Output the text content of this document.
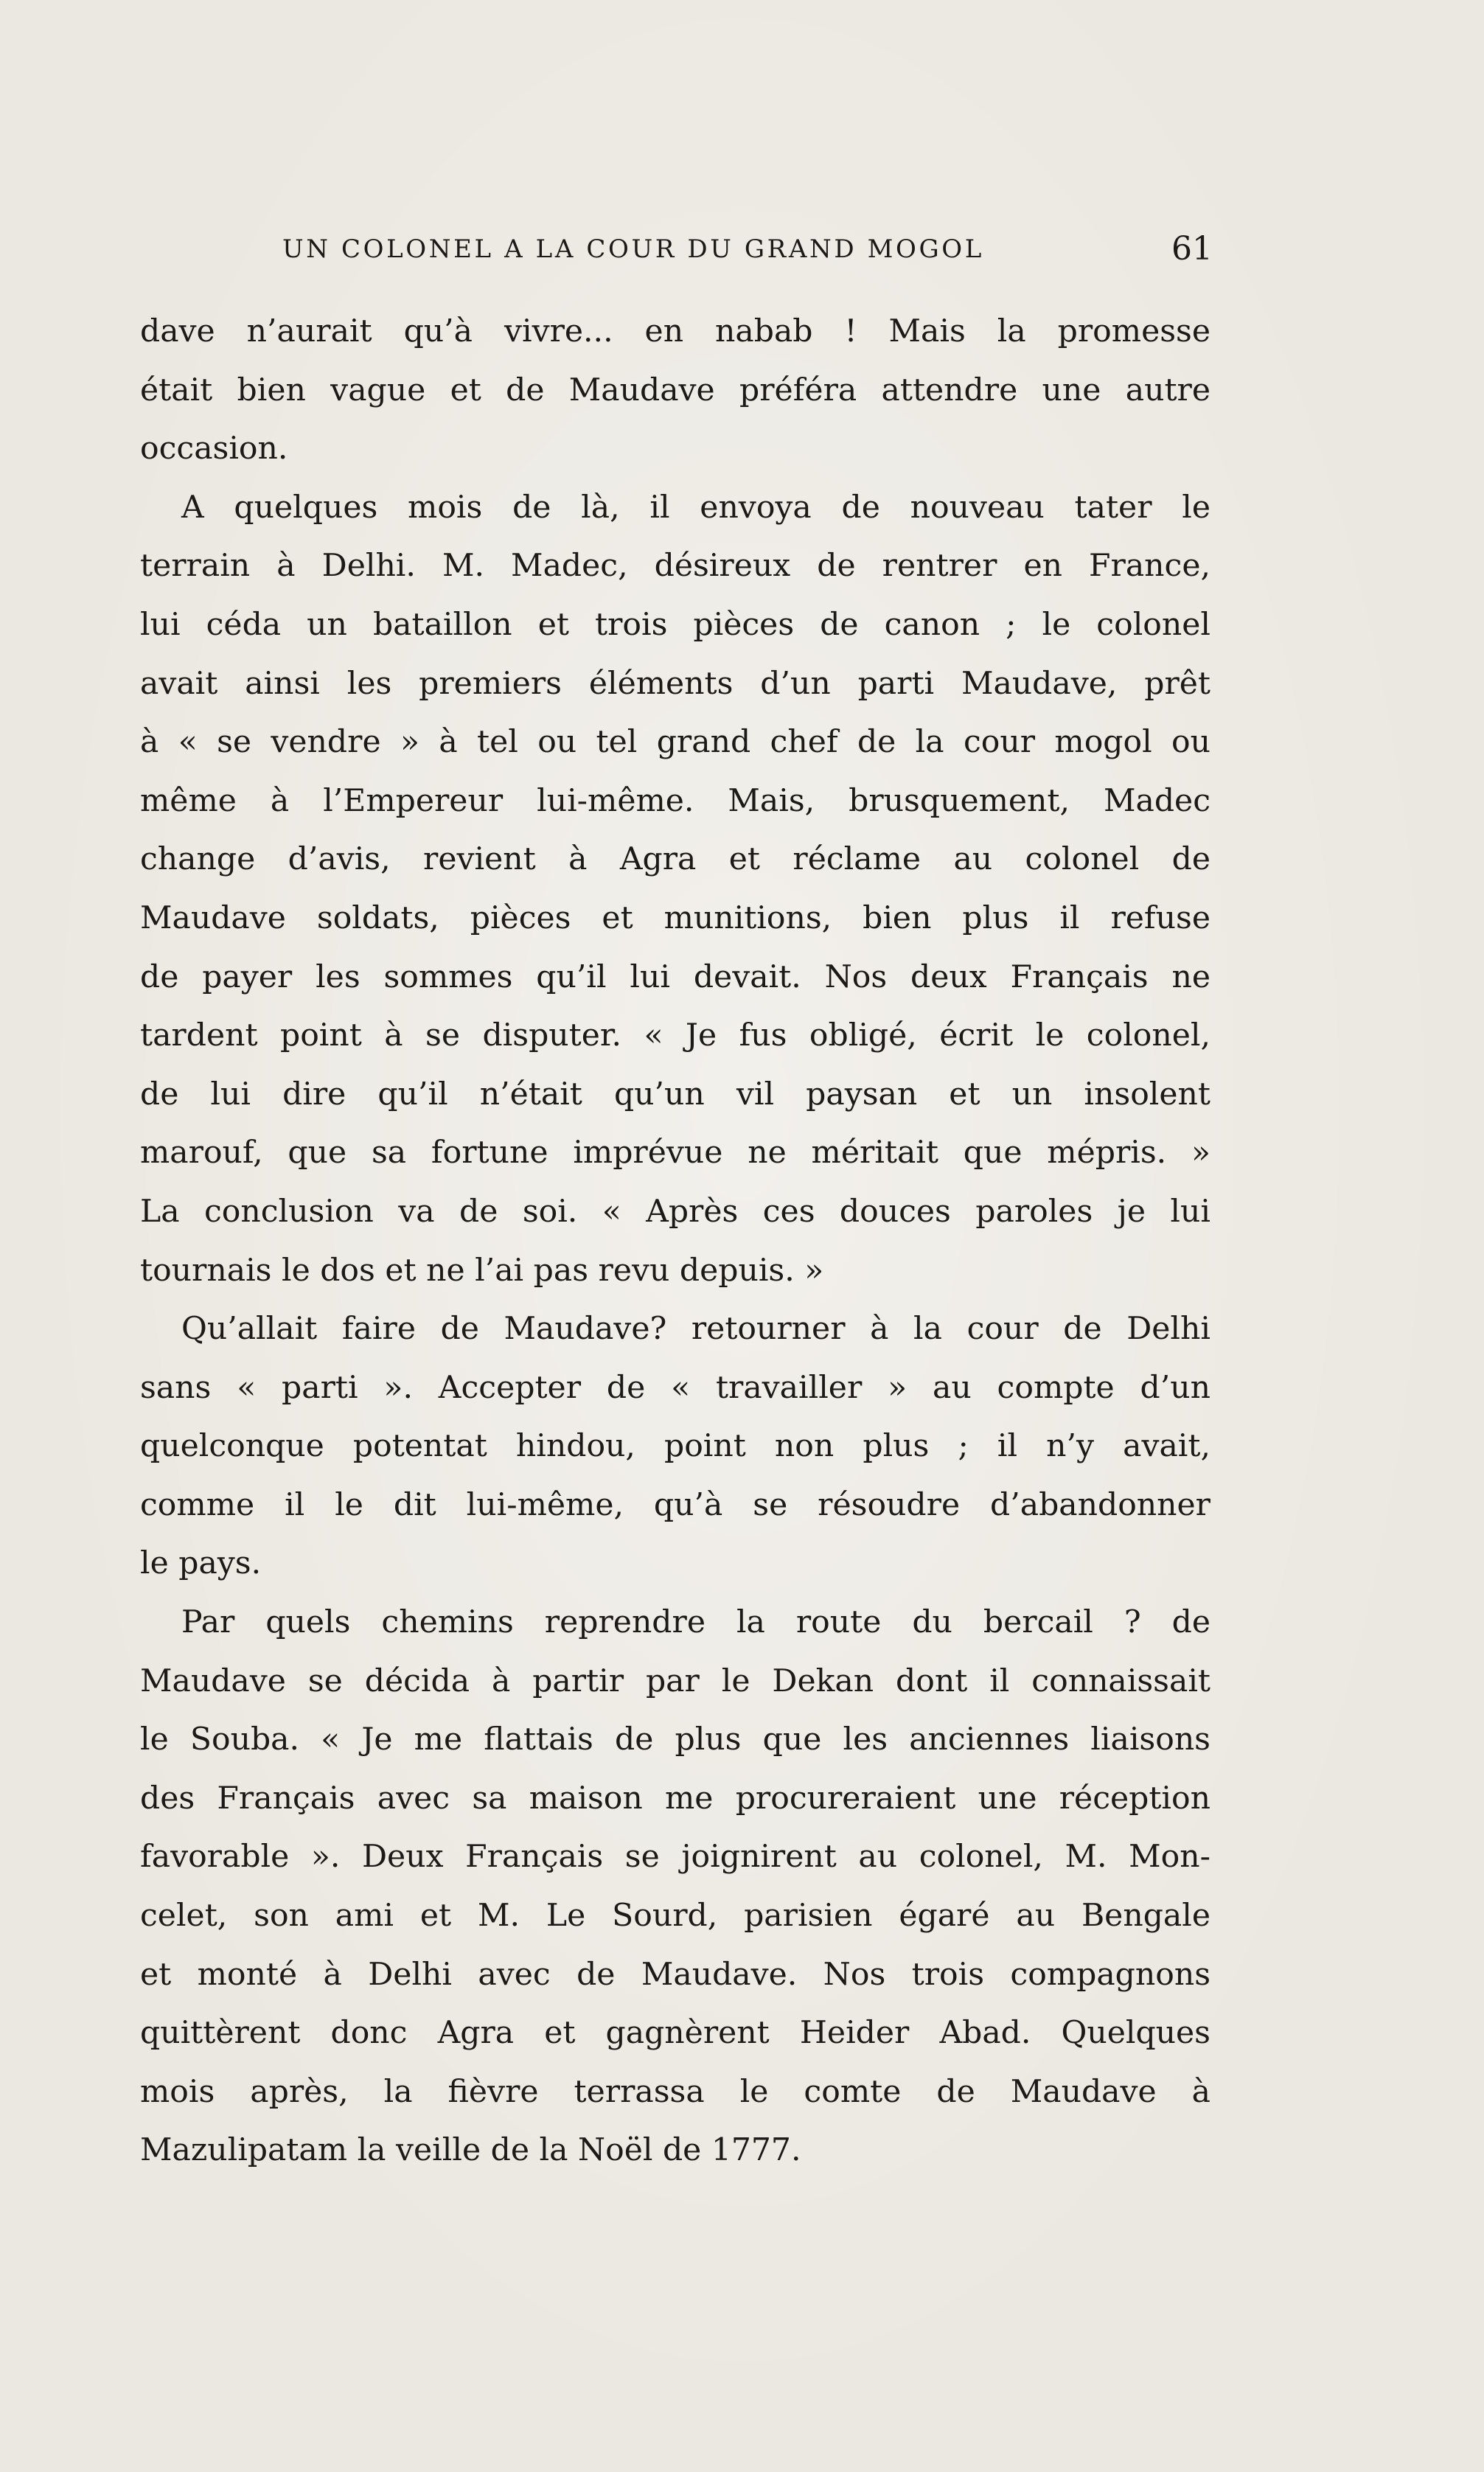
UN COLONEL A LA COUR DU GRAND MOGOL	61
dave n’aurait qu’à vivre... en nabab ! Mais la promesse
était bien vague et de Maudave préféra attendre une autre
occasion.
A quelques mois de là, il envoya de nouveau tater le
terrain à Delhi. M. Madec, désireux de rentrer en France,
lui céda un bataillon et trois pièces de canon ; le colonel
avait ainsi les premiers éléments d’un parti Maudave, prêt
à « se vendre » à tel ou tel grand chef de la cour mogol ou
même à l’Empereur lui-même. Mais, brusquement, Madec
change d’avis, revient à Agra et réclame au colonel de
Maudave soldats, pièces et munitions, bien plus il refuse
de payer les sommes qu’il lui devait. Nos deux Français ne
tardent point à se disputer. « Je fus obligé, écrit le colonel,
de lui dire qu’il n’était qu’un vil paysan et un insolent
marouf, que sa fortune imprévue ne méritait que mépris. »
La conclusion va de soi. « Après ces douces paroles je lui
tournais le dos et ne l’ai pas revu depuis. »
Qu’allait faire de Maudave? retourner à la cour de Delhi
sans « parti ». Accepter de « travailler » au compte d’un
quelconque potentat hindou, point non plus ; il n’y avait,
comme il le dit lui-même, qu’à se résoudre d’abandonner
le pays.
Par quels chemins reprendre la route du bercail ? de
Maudave se décida à partir par le Dekan dont il connaissait
le Souba. « Je me flattais de plus que les anciennes liaisons
des Français avec sa maison me procureraient une réception
favorable ». Deux Français se joignirent au colonel, M. Mon-
celet, son ami et M. Le Sourd, parisien égaré au Bengale
et monté à Delhi avec de Maudave. Nos trois compagnons
quittèrent donc Agra et gagnèrent Heider Abad. Quelques
mois après, la fièvre terrassa le comte de Maudave à
Mazulipatam la veille de la Noël de 1777.
